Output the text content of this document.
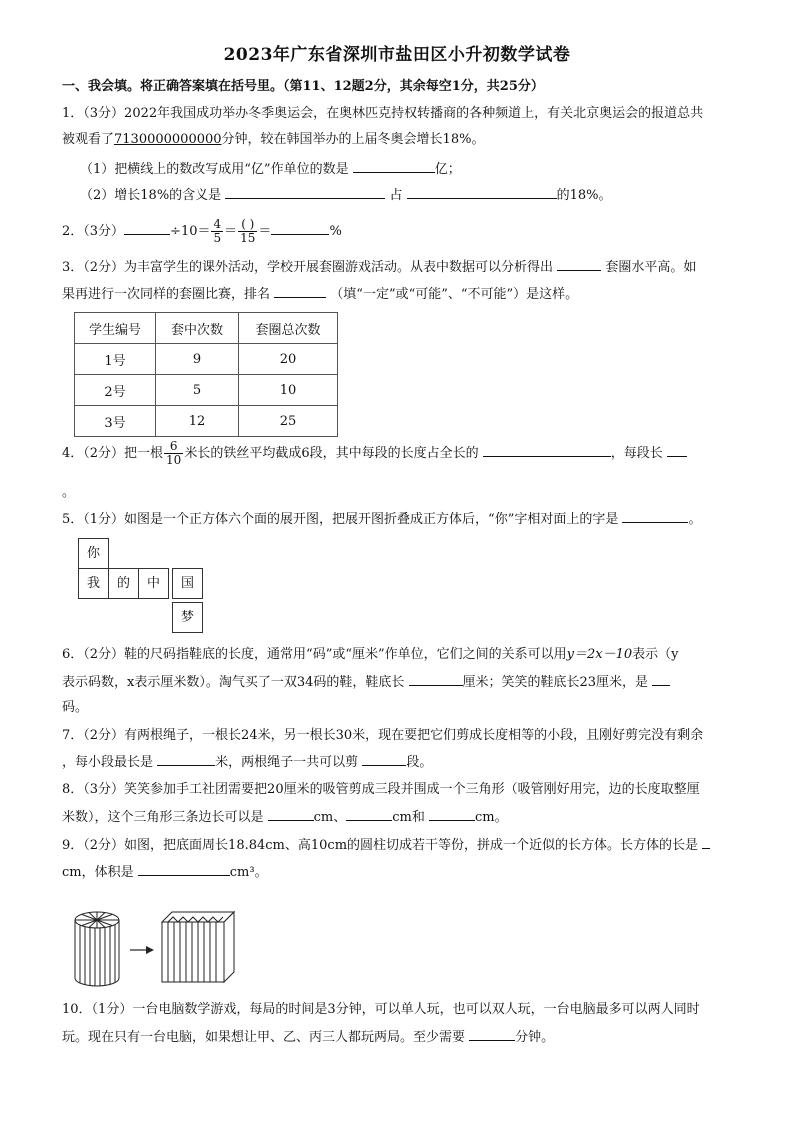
2023年广东省深圳市盐田区小升初数学试卷
一、我会填。将正确答案填在括号里。（第11、12题2分，其余每空1分，共25分）
1．（3分）2022年我国成功举办冬季奥运会，在奥林匹克持权转播商的各种频道上，有关北京奥运会的报道总共
被观看了7130000000000分钟，较在韩国举办的上届冬奥会增长18%。
（1）把横线上的数改写成用“亿”作单位的数是	亿；
（2）增长18%的含义是	占	的18%。
2．（3分）	$\div 10= \frac{4}{5} = \frac{( )}{15}$ ＝	%
3．（2分）为丰富学生的课外活动，学校开展套圈游戏活动。从表中数据可以分析得出	套圈水平高。如
果再进行一次同样的套圈比赛，排名	（填“一定”或“可能”、“不可能”）是这样。
学生编号	套中次数	套圈总次数
1号	9	20
2号	5	10
3号	12	25
4．（2分）把一根 $\frac{6}{10}$ 米长的铁丝平均截成6段，其中每段的长度占全长的	，每段长
。
5．（1分）如图是一个正方体六个面的展开图，把展开图折叠成正方体后，“你”字相对面上的字是	。
你
我	的	中	国
梦
6．（2分）鞋的尺码指鞋底的长度，通常用“码”或“厘米”作单位，它们之间的关系可以用y＝2x－10表示（y
表示码数，x表示厘米数）。淘气买了一双34码的鞋，鞋底长	厘米；笑笑的鞋底长23厘米，是
码。
7．（2分）有两根绳子，一根长24米，另一根长30米，现在要把它们剪成长度相等的小段，且刚好剪完没有剩余
，每小段最长是	米，两根绳子一共可以剪	段。
8．（3分）笑笑参加手工社团需要把20厘米的吸管剪成三段并围成一个三角形（吸管刚好用完，边的长度取整厘
米数），这个三角形三条边长可以是	cm、	cm和	cm。
9．（2分）如图，把底面周长18.84cm、高10cm的圆柱切成若干等份，拼成一个近似的长方体。长方体的长是
cm，体积是	cm³。
10．（1分）一台电脑数学游戏，每局的时间是3分钟，可以单人玩，也可以双人玩，一台电脑最多可以两人同时
玩。现在只有一台电脑，如果想让甲、乙、丙三人都玩两局。至少需要	分钟。
